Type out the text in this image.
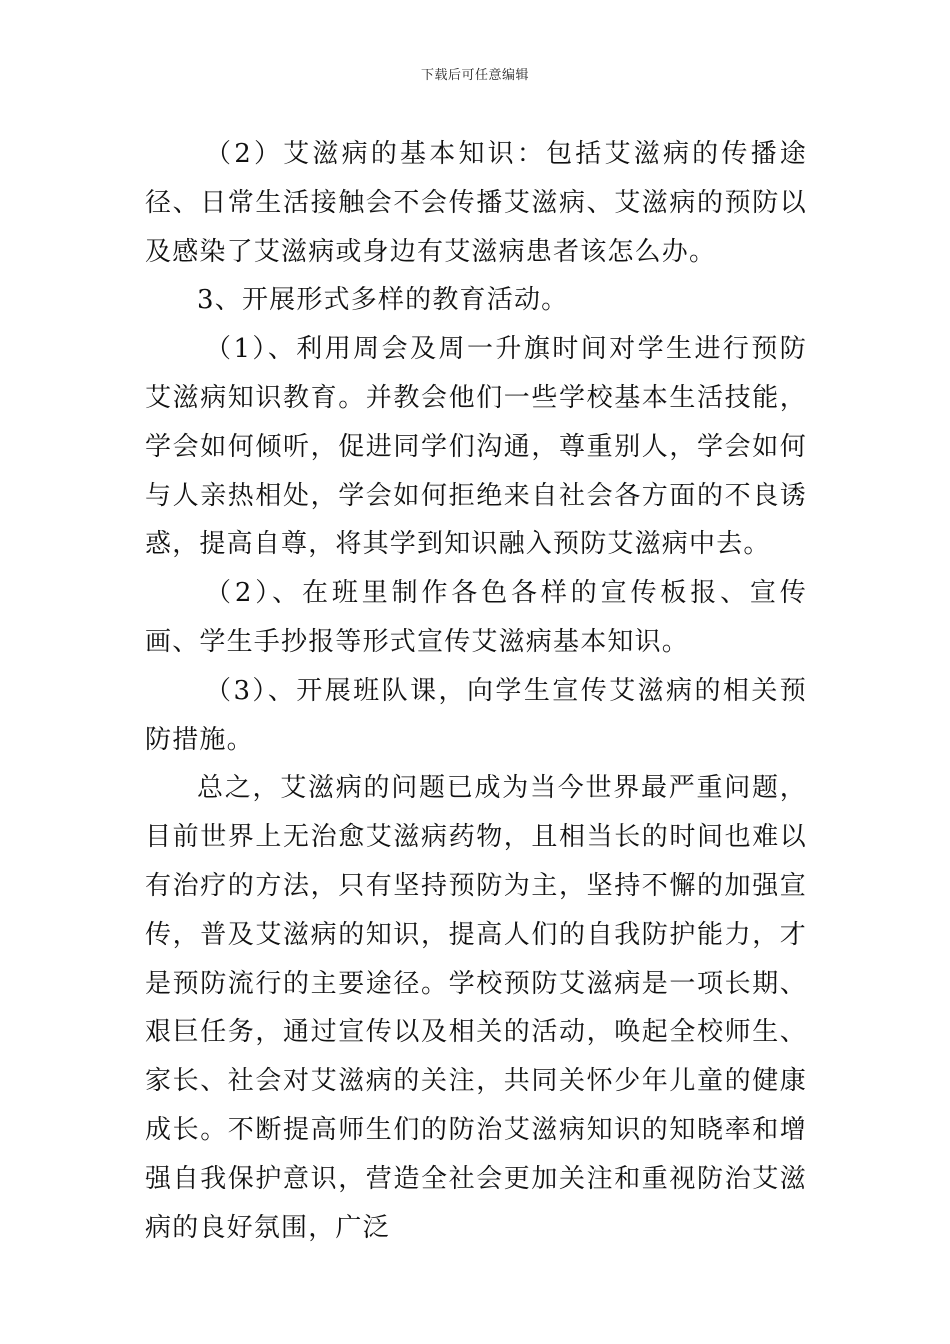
下载后可任意编辑

（2）艾滋病的基本知识：包括艾滋病的传播途径、日常生活接触会不会传播艾滋病、艾滋病的预防以及感染了艾滋病或身边有艾滋病患者该怎么办。

3、开展形式多样的教育活动。

（1）、利用周会及周一升旗时间对学生进行预防艾滋病知识教育。并教会他们一些学校基本生活技能，学会如何倾听，促进同学们沟通，尊重别人，学会如何与人亲热相处，学会如何拒绝来自社会各方面的不良诱惑，提高自尊，将其学到知识融入预防艾滋病中去。

（2）、在班里制作各色各样的宣传板报、宣传画、学生手抄报等形式宣传艾滋病基本知识。

（3）、开展班队课，向学生宣传艾滋病的相关预防措施。

总之，艾滋病的问题已成为当今世界最严重问题，目前世界上无治愈艾滋病药物，且相当长的时间也难以有治疗的方法，只有坚持预防为主，坚持不懈的加强宣传，普及艾滋病的知识，提高人们的自我防护能力，才是预防流行的主要途径。学校预防艾滋病是一项长期、艰巨任务，通过宣传以及相关的活动，唤起全校师生、家长、社会对艾滋病的关注，共同关怀少年儿童的健康成长。不断提高师生们的防治艾滋病知识的知晓率和增强自我保护意识，营造全社会更加关注和重视防治艾滋病的良好氛围，广泛
